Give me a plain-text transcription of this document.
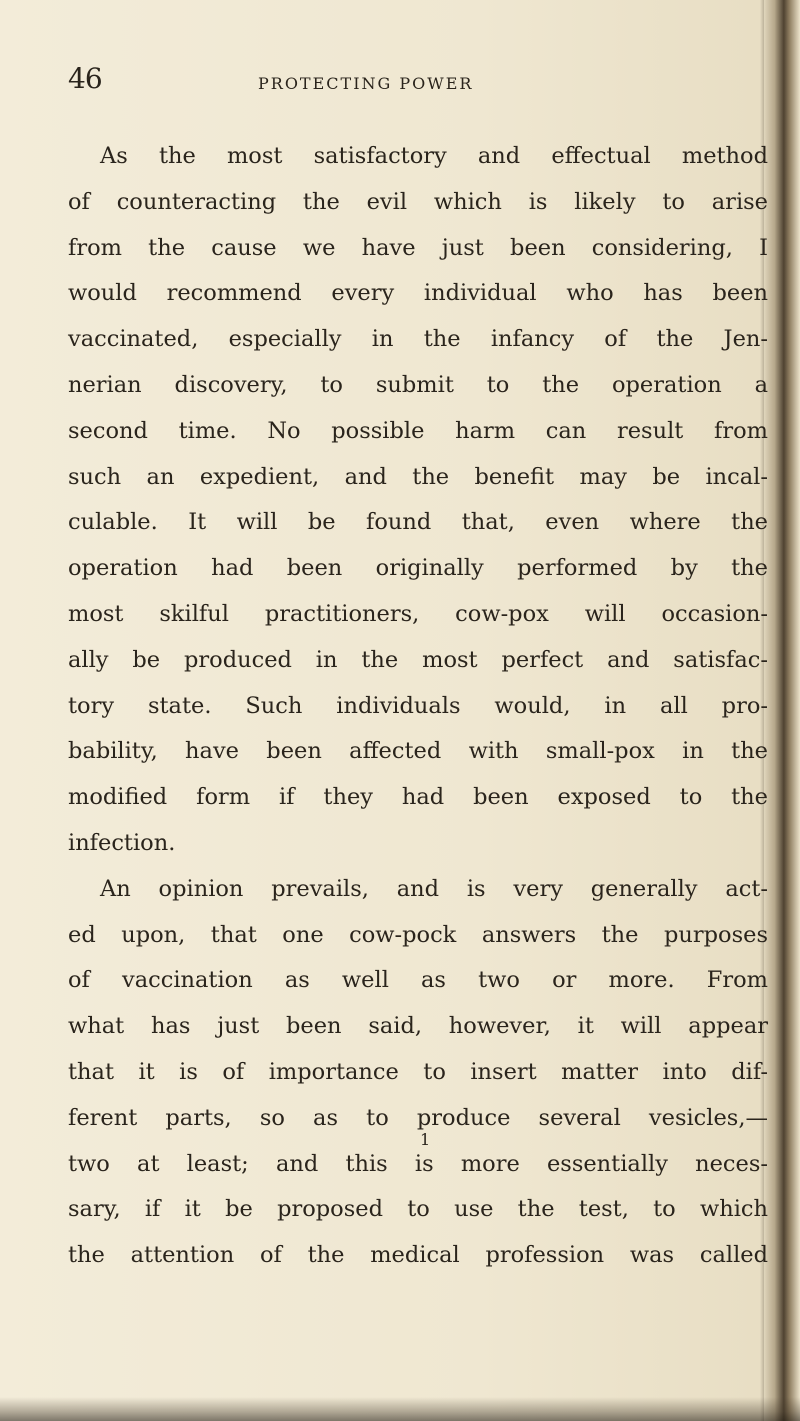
46	PROTECTING POWER
As the most satisfactory and effectual method
of counteracting the evil which is likely to arise
from the cause we have just been considering, I
would recommend every individual who has been
vaccinated, especially in the infancy of the Jen-
nerian discovery, to submit to the operation a
second time. No possible harm can result from
such an expedient, and the benefit may be incal-
culable. It will be found that, even where the
operation had been originally performed by the
most skilful practitioners, cow-pox will occasion-
ally be produced in the most perfect and satisfac-
tory state. Such individuals would, in all pro-
bability, have been affected with small-pox in the
modified form if they had been exposed to the
infection.
An opinion prevails, and is very generally act-
ed upon, that one cow-pock answers the purposes
of vaccination as well as two or more. From
what has just been said, however, it will appear
that it is of importance to insert matter into dif-
ferent parts, so as to produce several vesicles,—
two at least; and this is more essentially neces-
sary, if it be proposed to use the test, to which
the attention of the medical profession was called
1
